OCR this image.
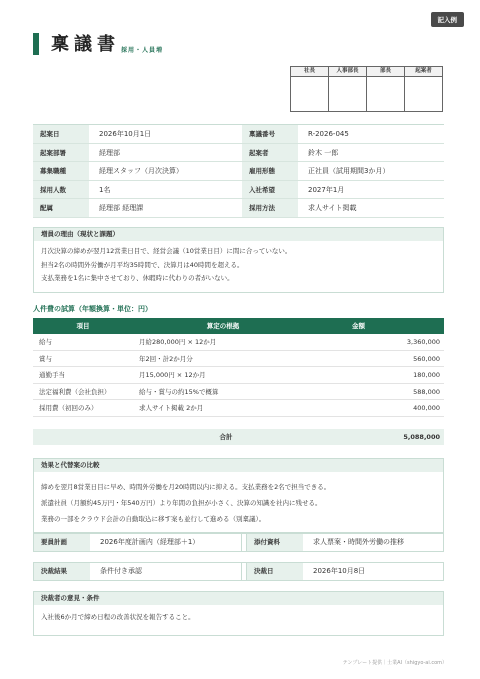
記入例
稟議書 採用・人員増
社長	人事部長	部長	起案者
起案日	2026年10月1日	稟議番号	R-2026-045
起案部署	経理部	起案者	鈴木 一郎
募集職種	経理スタッフ（月次決算）	雇用形態	正社員（試用期間3か月）
採用人数	1名	入社希望	2027年1月
配属	経理部 経理課	採用方法	求人サイト掲載
増員の理由（現状と課題）
月次決算の締めが翌月12営業日目で、経営会議（10営業日目）に間に合っていない。
担当2名の時間外労働が月平均35時間で、決算月は40時間を超える。
支払業務を1名に集中させており、休暇時に代わりの者がいない。
人件費の試算（年額換算・単位：円）
項目	算定の根拠	金額
給与	月給280,000円 × 12か月	3,360,000
賞与	年2回・計2か月分	560,000
通勤手当	月15,000円 × 12か月	180,000
法定福利費（会社負担）	給与・賞与の約15%で概算	588,000
採用費（初回のみ）	求人サイト掲載 2か月	400,000
合計	5,088,000
効果と代替案の比較
締めを翌月8営業日目に早め、時間外労働を月20時間以内に抑える。支払業務を2名で担当できる。
派遣社員（月額約45万円・年540万円）より年間の負担が小さく、決算の知識を社内に残せる。
業務の一部をクラウド会計の自動取込に移す案も並行して進める（別稟議）。
要員計画	2026年度計画内（経理部＋1）	添付資料	求人票案・時間外労働の推移
決裁結果	条件付き承認	決裁日	2026年10月8日
決裁者の意見・条件
入社後6か月で締め日程の改善状況を報告すること。
テンプレート提供｜士業AI（shigyo-ai.com）
